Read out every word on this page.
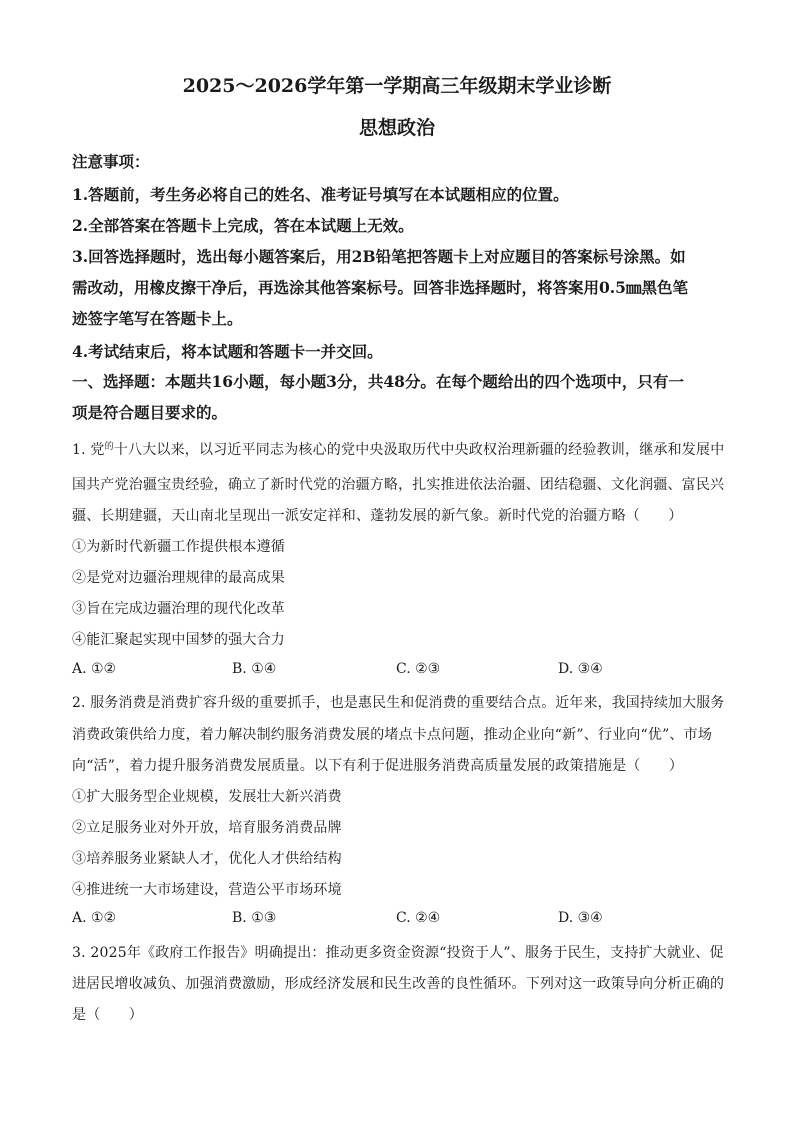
2025～2026学年第一学期高三年级期末学业诊断
思想政治
注意事项：
1.答题前，考生务必将自己的姓名、准考证号填写在本试题相应的位置。
2.全部答案在答题卡上完成，答在本试题上无效。
3.回答选择题时，选出每小题答案后，用2B铅笔把答题卡上对应题目的答案标号涂黑。如
需改动，用橡皮擦干净后，再选涂其他答案标号。回答非选择题时，将答案用0.5㎜黑色笔
迹签字笔写在答题卡上。
4.考试结束后，将本试题和答题卡一并交回。
一、选择题：本题共16小题，每小题3分，共48分。在每个题给出的四个选项中，只有一
项是符合题目要求的。
1. 党$^的$十八大以来，以习近平同志为核心的党中央汲取历代中央政权治理新疆的经验教训，继承和发展中
国共产党治疆宝贵经验，确立了新时代党的治疆方略，扎实推进依法治疆、团结稳疆、文化润疆、富民兴
疆、长期建疆，天山南北呈现出一派安定祥和、蓬勃发展的新气象。新时代党的治疆方略（　　）
①为新时代新疆工作提供根本遵循
②是党对边疆治理规律的最高成果
③旨在完成边疆治理的现代化改革
④能汇聚起实现中国梦的强大合力
A. ①②	B. ①④	C. ②③	D. ③④
2. 服务消费是消费扩容升级的重要抓手，也是惠民生和促消费的重要结合点。近年来，我国持续加大服务
消费政策供给力度，着力解决制约服务消费发展的堵点卡点问题，推动企业向“新”、行业向“优”、市场
向“活”，着力提升服务消费发展质量。以下有利于促进服务消费高质量发展的政策措施是（　　）
①扩大服务型企业规模，发展壮大新兴消费
②立足服务业对外开放，培育服务消费品牌
③培养服务业紧缺人才，优化人才供给结构
④推进统一大市场建设，营造公平市场环境
A. ①②	B. ①③	C. ②④	D. ③④
3. 2025年《政府工作报告》明确提出：推动更多资金资源“投资于人”、服务于民生，支持扩大就业、促
进居民增收减负、加强消费激励，形成经济发展和民生改善的良性循环。下列对这一政策导向分析正确的
是（　　）
